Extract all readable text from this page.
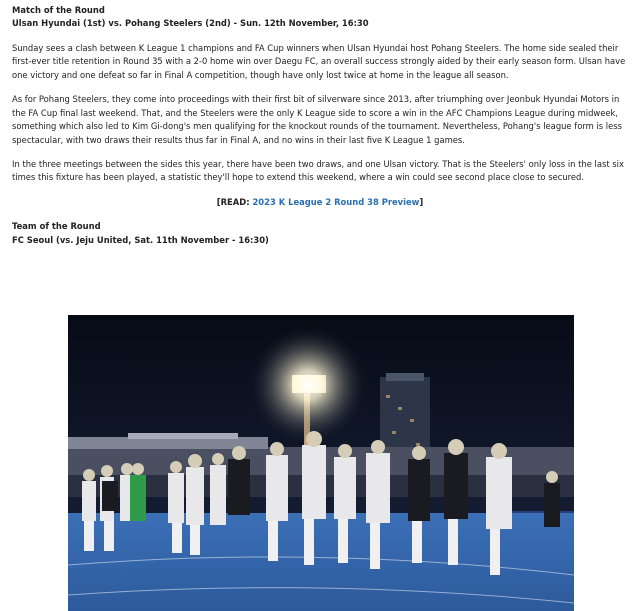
Match of the Round

Ulsan Hyundai (1st) vs. Pohang Steelers (2nd) - Sun. 12th November, 16:30

Sunday sees a clash between K League 1 champions and FA Cup winners when Ulsan Hyundai host Pohang Steelers. The home side sealed their first-ever title retention in Round 35 with a 2-0 home win over Daegu FC, an overall success strongly aided by their early season form. Ulsan have one victory and one defeat so far in Final A competition, though have only lost twice at home in the league all season.

As for Pohang Steelers, they come into proceedings with their first bit of silverware since 2013, after triumphing over Jeonbuk Hyundai Motors in the FA Cup final last weekend. That, and the Steelers were the only K League side to score a win in the AFC Champions League during midweek, something which also led to Kim Gi-dong's men qualifying for the knockout rounds of the tournament. Nevertheless, Pohang's league form is less spectacular, with two draws their results thus far in Final A, and no wins in their last five K League 1 games.

In the three meetings between the sides this year, there have been two draws, and one Ulsan victory. That is the Steelers' only loss in the last six times this fixture has been played, a statistic they'll hope to extend this weekend, where a win could see second place close to secured.

[READ: 2023 K League 2 Round 38 Preview]

Team of the Round

FC Seoul (vs. Jeju United, Sat. 11th November - 16:30)
